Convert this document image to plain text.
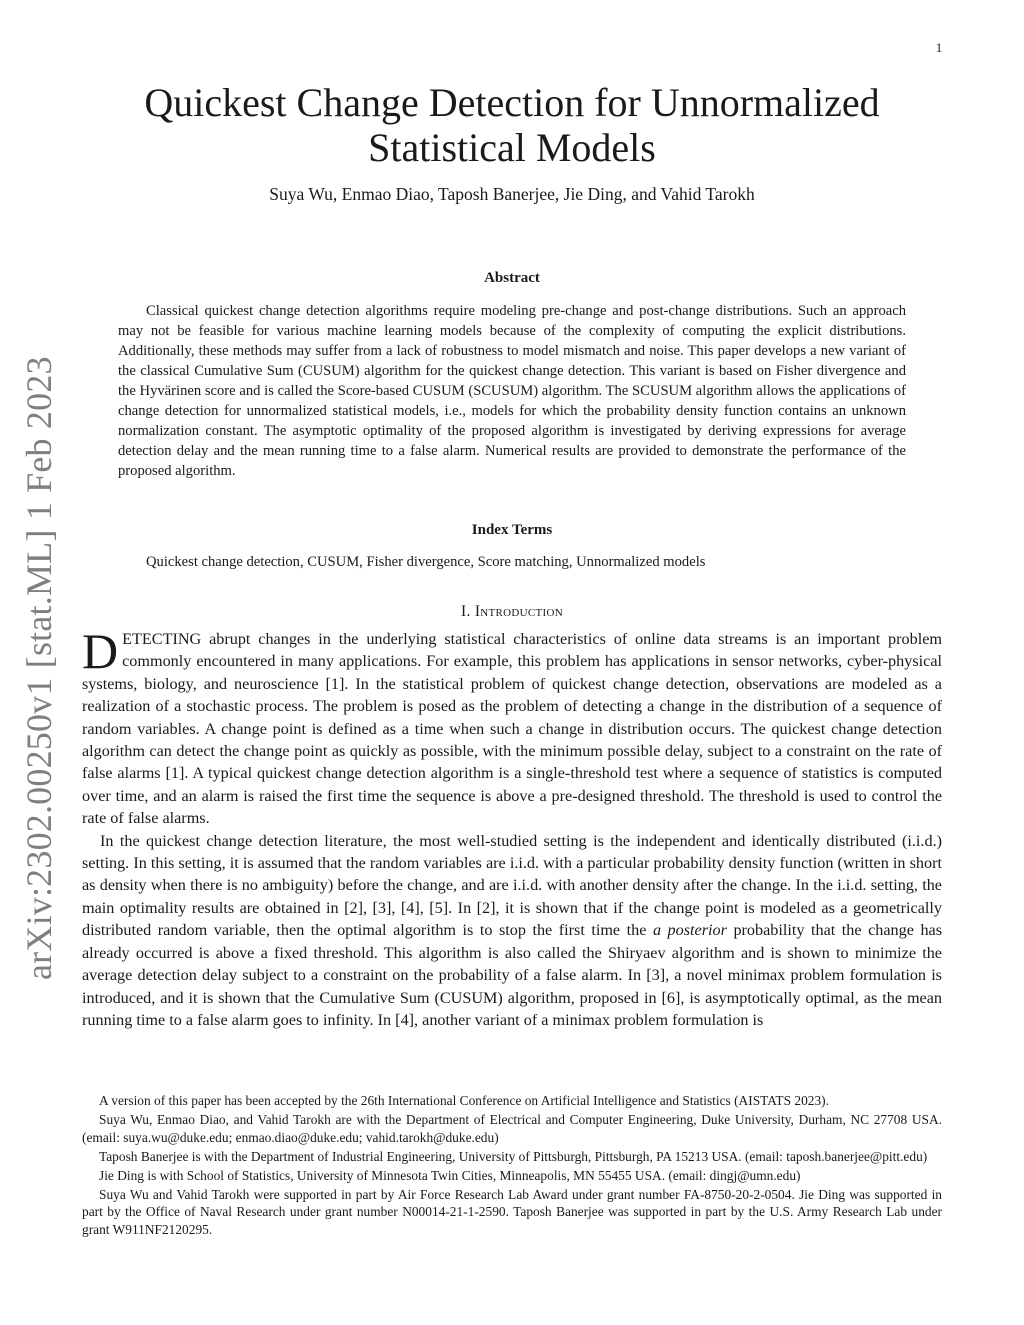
1
arXiv:2302.00250v1 [stat.ML] 1 Feb 2023
Quickest Change Detection for Unnormalized
Statistical Models
Suya Wu, Enmao Diao, Taposh Banerjee, Jie Ding, and Vahid Tarokh
Abstract
Classical quickest change detection algorithms require modeling pre-change and post-change distributions. Such an approach may not be feasible for various machine learning models because of the complexity of computing the explicit distributions. Additionally, these methods may suffer from a lack of robustness to model mismatch and noise. This paper develops a new variant of the classical Cumulative Sum (CUSUM) algorithm for the quickest change detection. This variant is based on Fisher divergence and the Hyvärinen score and is called the Score-based CUSUM (SCUSUM) algorithm. The SCUSUM algorithm allows the applications of change detection for unnormalized statistical models, i.e., models for which the probability density function contains an unknown normalization constant. The asymptotic optimality of the proposed algorithm is investigated by deriving expressions for average detection delay and the mean running time to a false alarm. Numerical results are provided to demonstrate the performance of the proposed algorithm.
Index Terms
Quickest change detection, CUSUM, Fisher divergence, Score matching, Unnormalized models
I. Introduction

DETECTING abrupt changes in the underlying statistical characteristics of online data streams is an important problem commonly encountered in many applications. For example, this problem has applications in sensor networks, cyber-physical systems, biology, and neuroscience [1]. In the statistical problem of quickest change detection, observations are modeled as a realization of a stochastic process. The problem is posed as the problem of detecting a change in the distribution of a sequence of random variables. A change point is defined as a time when such a change in distribution occurs. The quickest change detection algorithm can detect the change point as quickly as possible, with the minimum possible delay, subject to a constraint on the rate of false alarms [1]. A typical quickest change detection algorithm is a single-threshold test where a sequence of statistics is computed over time, and an alarm is raised the first time the sequence is above a pre-designed threshold. The threshold is used to control the rate of false alarms.

In the quickest change detection literature, the most well-studied setting is the independent and identically distributed (i.i.d.) setting. In this setting, it is assumed that the random variables are i.i.d. with a particular probability density function (written in short as density when there is no ambiguity) before the change, and are i.i.d. with another density after the change. In the i.i.d. setting, the main optimality results are obtained in [2], [3], [4], [5]. In [2], it is shown that if the change point is modeled as a geometrically distributed random variable, then the optimal algorithm is to stop the first time the a posterior probability that the change has already occurred is above a fixed threshold. This algorithm is also called the Shiryaev algorithm and is shown to minimize the average detection delay subject to a constraint on the probability of a false alarm. In [3], a novel minimax problem formulation is introduced, and it is shown that the Cumulative Sum (CUSUM) algorithm, proposed in [6], is asymptotically optimal, as the mean running time to a false alarm goes to infinity. In [4], another variant of a minimax problem formulation is

A version of this paper has been accepted by the 26th International Conference on Artificial Intelligence and Statistics (AISTATS 2023).

Suya Wu, Enmao Diao, and Vahid Tarokh are with the Department of Electrical and Computer Engineering, Duke University, Durham, NC 27708 USA. (email: suya.wu@duke.edu; enmao.diao@duke.edu; vahid.tarokh@duke.edu)

Taposh Banerjee is with the Department of Industrial Engineering, University of Pittsburgh, Pittsburgh, PA 15213 USA. (email: taposh.banerjee@pitt.edu)

Jie Ding is with School of Statistics, University of Minnesota Twin Cities, Minneapolis, MN 55455 USA. (email: dingj@umn.edu)

Suya Wu and Vahid Tarokh were supported in part by Air Force Research Lab Award under grant number FA-8750-20-2-0504. Jie Ding was supported in part by the Office of Naval Research under grant number N00014-21-1-2590. Taposh Banerjee was supported in part by the U.S. Army Research Lab under grant W911NF2120295.
